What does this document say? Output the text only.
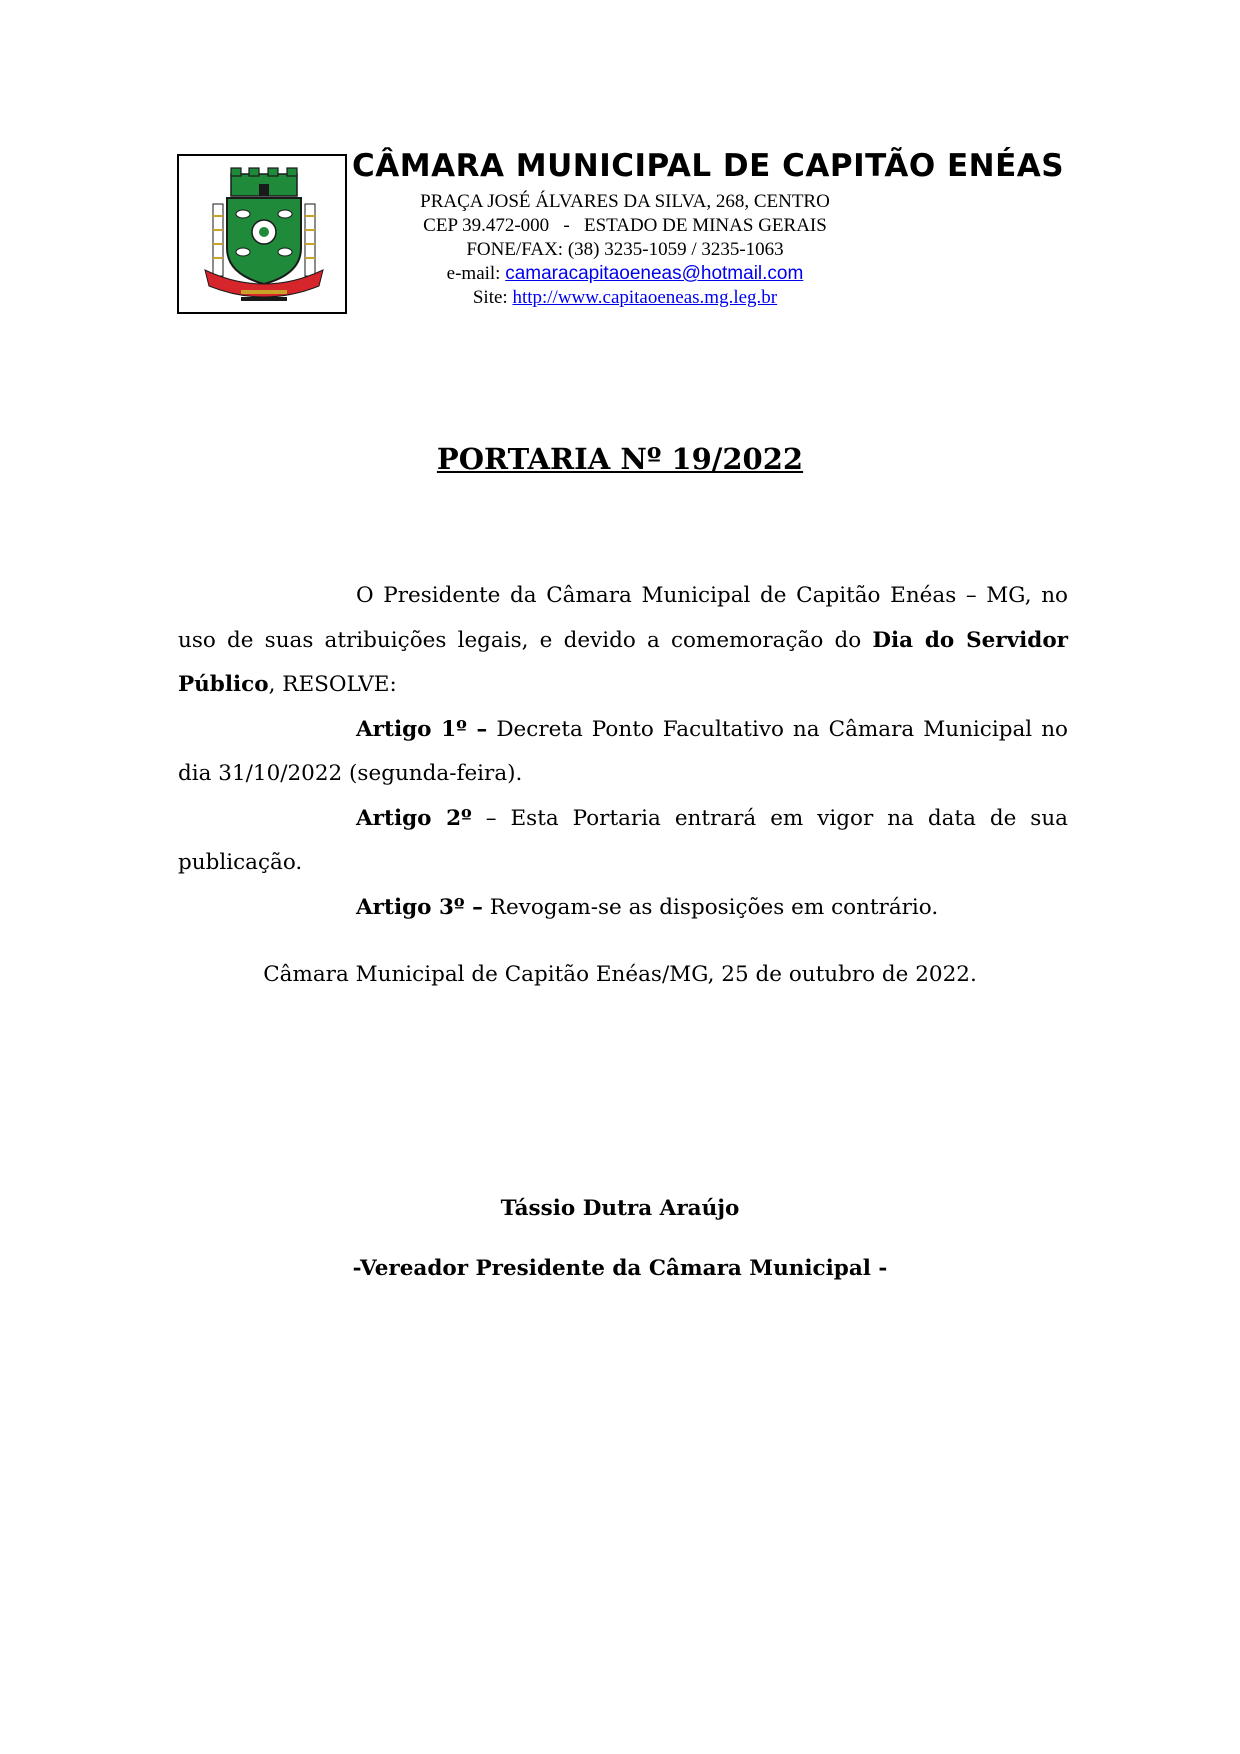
CÂMARA MUNICIPAL DE CAPITÃO ENÉAS
PRAÇA JOSÉ ÁLVARES DA SILVA, 268, CENTRO
CEP 39.472-000   -   ESTADO DE MINAS GERAIS
FONE/FAX: (38) 3235-1059 / 3235-1063
e-mail: camaracapitaoeneas@hotmail.com
Site: http://www.capitaoeneas.mg.leg.br
PORTARIA Nº 19/2022

O Presidente da Câmara Municipal de Capitão Enéas – MG, no uso de suas atribuições legais, e devido a comemoração do Dia do Servidor Público, RESOLVE:

Artigo 1º – Decreta Ponto Facultativo na Câmara Municipal no dia 31/10/2022 (segunda-feira).

Artigo 2º – Esta Portaria entrará em vigor na data de sua publicação.

Artigo 3º – Revogam-se as disposições em contrário.

Câmara Municipal de Capitão Enéas/MG, 25 de outubro de 2022.
Tássio Dutra Araújo
-Vereador Presidente da Câmara Municipal -
